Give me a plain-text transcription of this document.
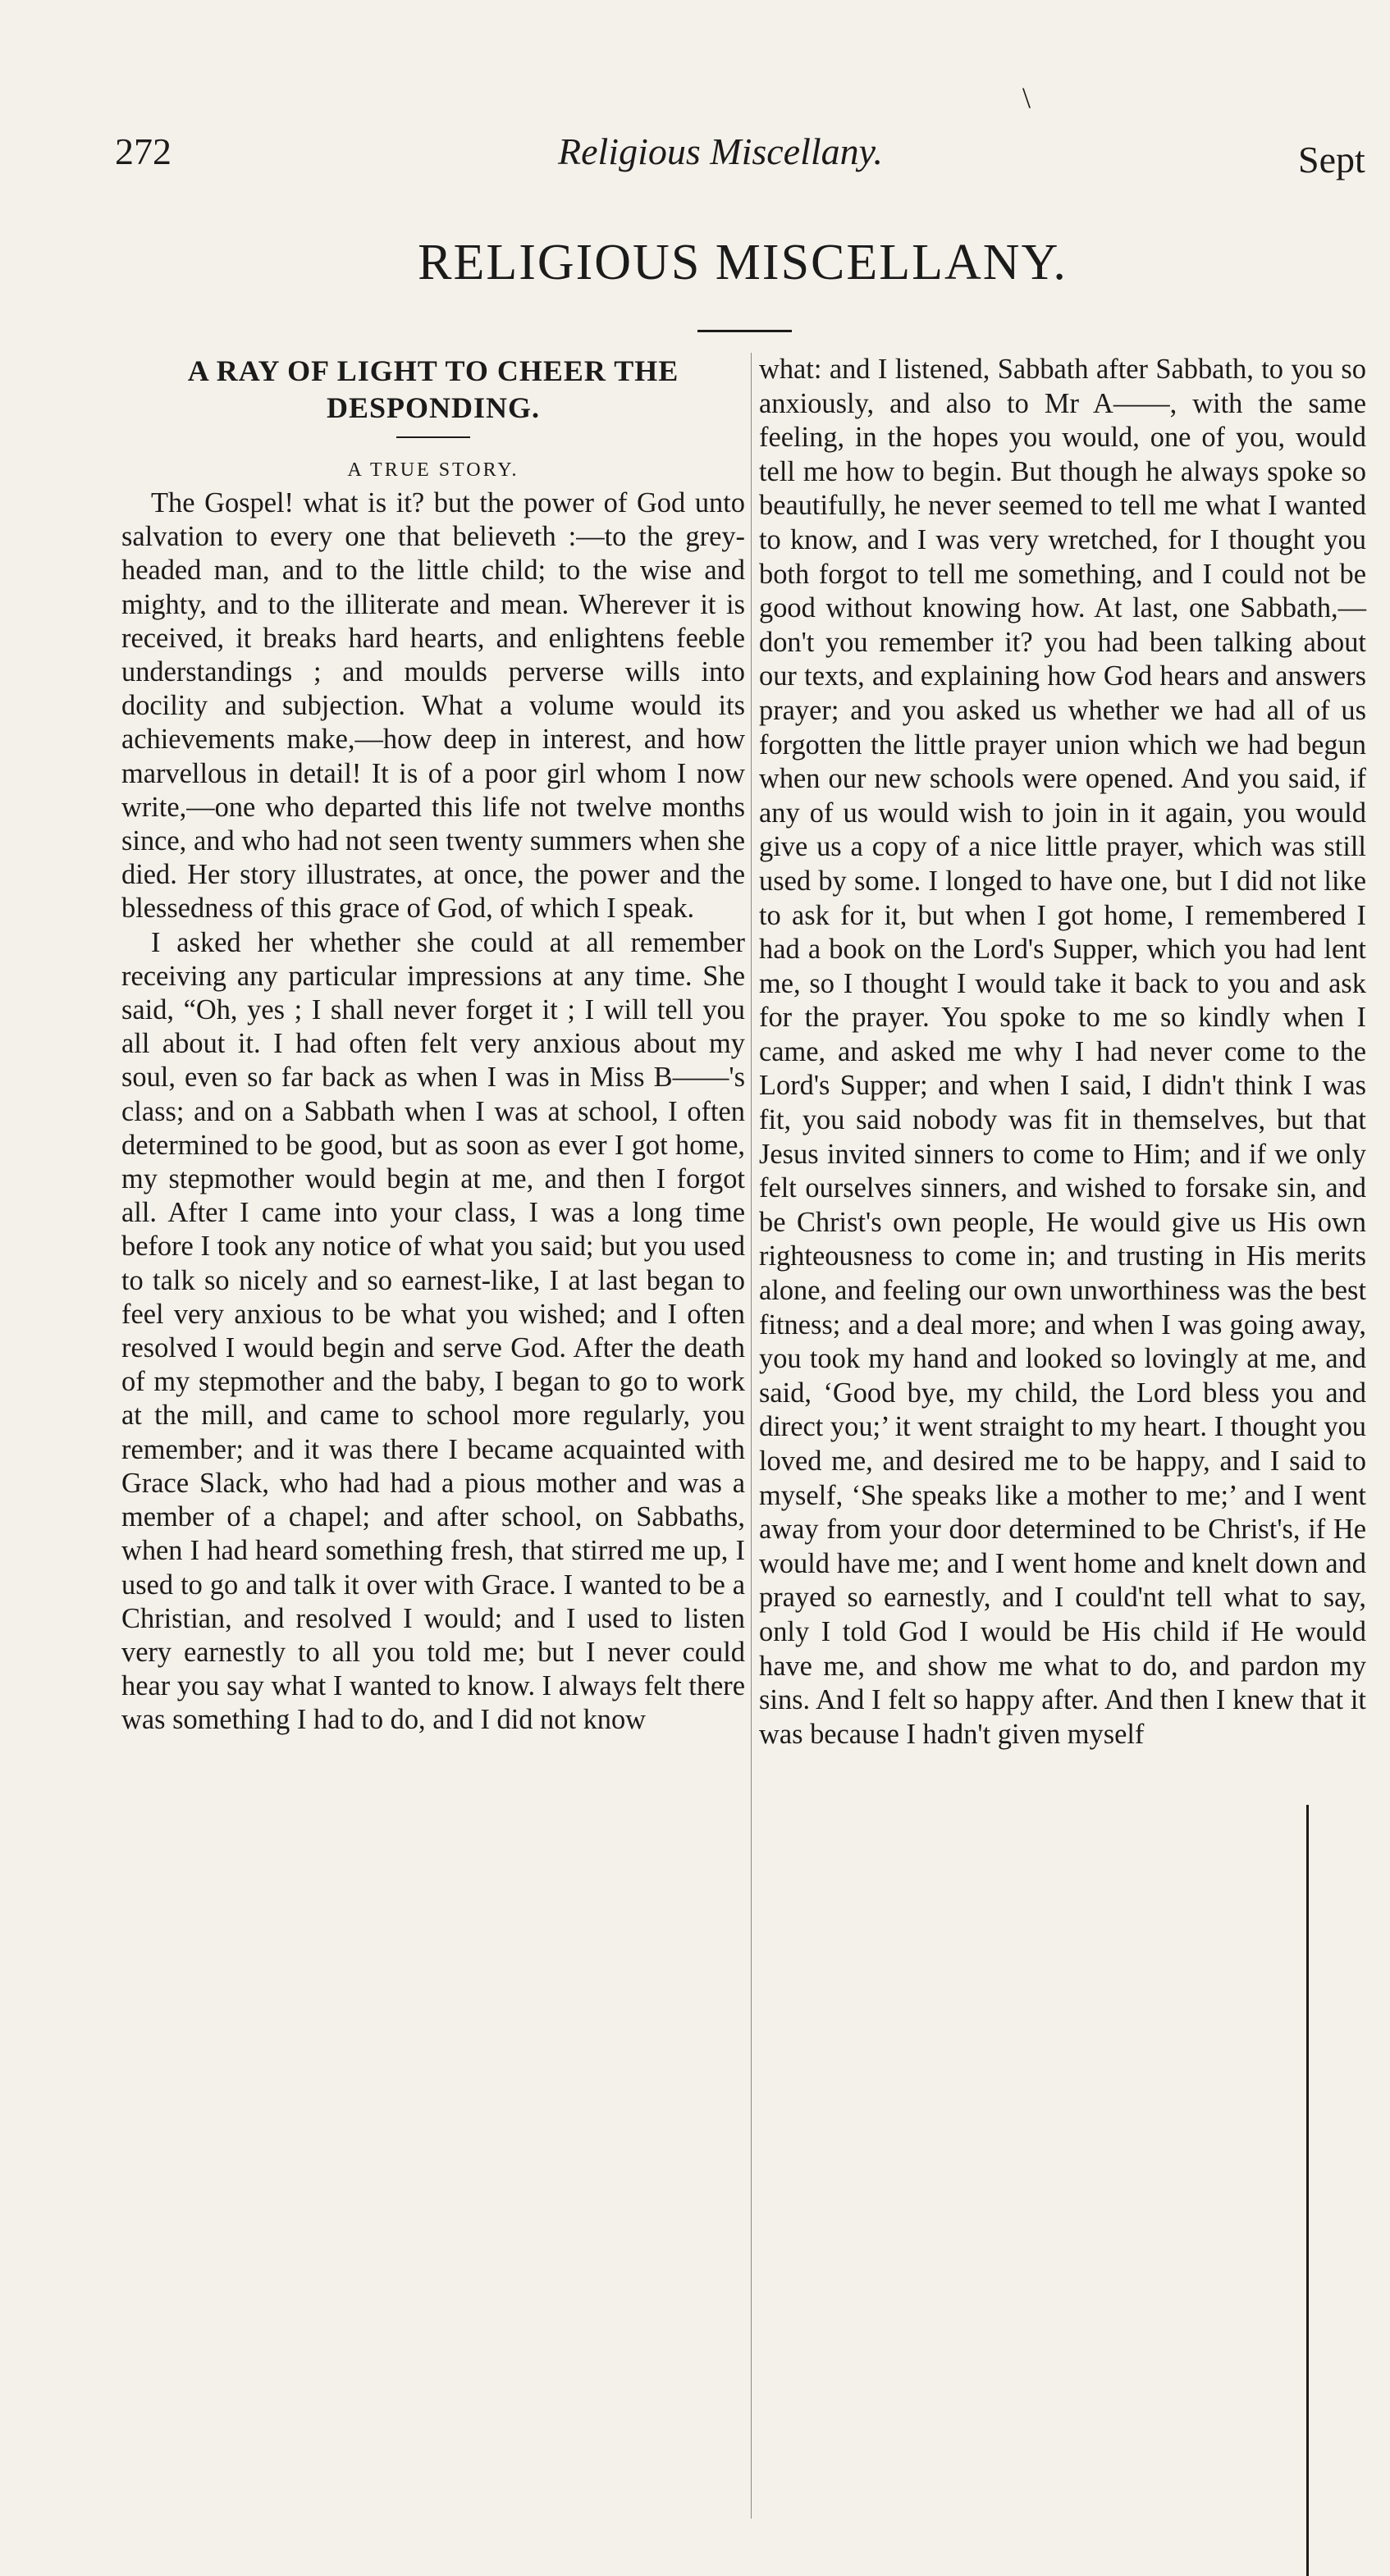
272	Religious Miscellany.	Sept
\
RELIGIOUS MISCELLANY.
A RAY OF LIGHT TO CHEER THE DESPONDING.
A TRUE STORY.

The Gospel! what is it? but the power of God unto salvation to every one that believeth :—to the grey-headed man, and to the little child; to the wise and mighty, and to the illiterate and mean. Wherever it is received, it breaks hard hearts, and enlightens feeble understandings ; and moulds perverse wills into docility and subjection. What a volume would its achievements make,—how deep in interest, and how marvellous in detail! It is of a poor girl whom I now write,—one who departed this life not twelve months since, and who had not seen twenty summers when she died. Her story illustrates, at once, the power and the blessedness of this grace of God, of which I speak.

I asked her whether she could at all remember receiving any particular impressions at any time. She said, “Oh, yes ; I shall never forget it ; I will tell you all about it. I had often felt very anxious about my soul, even so far back as when I was in Miss B——'s class; and on a Sabbath when I was at school, I often determined to be good, but as soon as ever I got home, my stepmother would begin at me, and then I forgot all. After I came into your class, I was a long time before I took any notice of what you said; but you used to talk so nicely and so earnest-like, I at last began to feel very anxious to be what you wished; and I often resolved I would begin and serve God. After the death of my stepmother and the baby, I began to go to work at the mill, and came to school more regularly, you remember; and it was there I became acquainted with Grace Slack, who had had a pious mother and was a member of a chapel; and after school, on Sabbaths, when I had heard something fresh, that stirred me up, I used to go and talk it over with Grace. I wanted to be a Christian, and resolved I would; and I used to listen very earnestly to all you told me; but I never could hear you say what I wanted to know. I always felt there was something I had to do, and I did not know

what: and I listened, Sabbath after Sabbath, to you so anxiously, and also to Mr A——, with the same feeling, in the hopes you would, one of you, would tell me how to begin. But though he always spoke so beautifully, he never seemed to tell me what I wanted to know, and I was very wretched, for I thought you both forgot to tell me something, and I could not be good without knowing how. At last, one Sabbath,—don't you remember it? you had been talking about our texts, and explaining how God hears and answers prayer; and you asked us whether we had all of us forgotten the little prayer union which we had begun when our new schools were opened. And you said, if any of us would wish to join in it again, you would give us a copy of a nice little prayer, which was still used by some. I longed to have one, but I did not like to ask for it, but when I got home, I remembered I had a book on the Lord's Supper, which you had lent me, so I thought I would take it back to you and ask for the prayer. You spoke to me so kindly when I came, and asked me why I had never come to the Lord's Supper; and when I said, I didn't think I was fit, you said nobody was fit in themselves, but that Jesus invited sinners to come to Him; and if we only felt ourselves sinners, and wished to forsake sin, and be Christ's own people, He would give us His own righteousness to come in; and trusting in His merits alone, and feeling our own unworthiness was the best fitness; and a deal more; and when I was going away, you took my hand and looked so lovingly at me, and said, ‘Good bye, my child, the Lord bless you and direct you;’ it went straight to my heart. I thought you loved me, and desired me to be happy, and I said to myself, ‘She speaks like a mother to me;’ and I went away from your door determined to be Christ's, if He would have me; and I went home and knelt down and prayed so earnestly, and I could'nt tell what to say, only I told God I would be His child if He would have me, and show me what to do, and pardon my sins. And I felt so happy after. And then I knew that it was because I hadn't given myself
